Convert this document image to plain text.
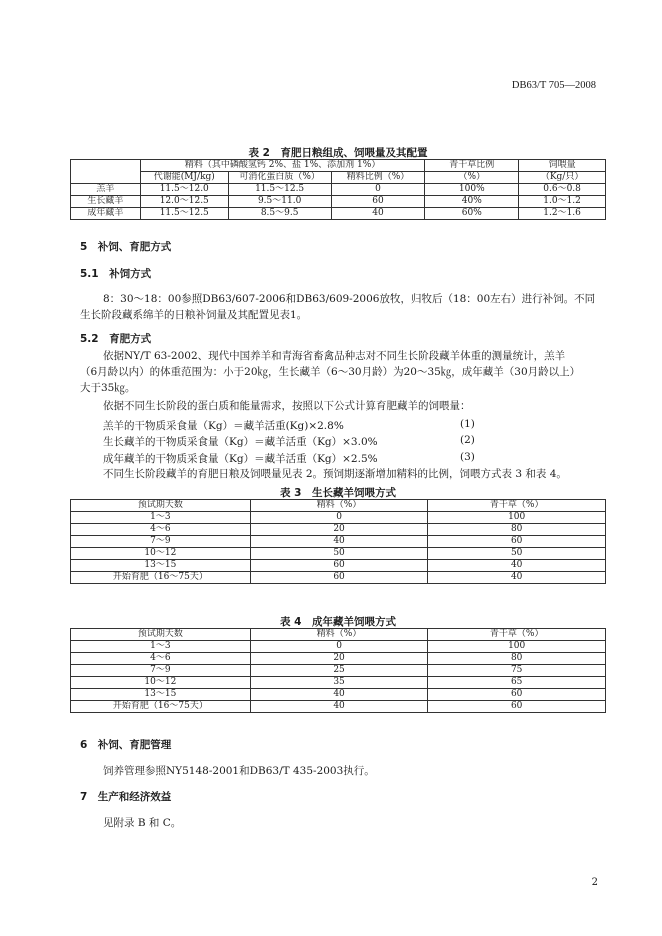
DB63/T 705—2008
表 2　育肥日粮组成、饲喂量及其配置
	精料（其中磷酸氢钙 2%、盐 1%、添加剂 1%）			青干草比例	饲喂量
	代谢能(MJ/kg)	可消化蛋白质（%）	精料比例（%）	（%）	（Kg/只）
羔羊	11.5～12.0	11.5～12.5	0	100%	0.6～0.8
生长藏羊	12.0～12.5	9.5～11.0	60	40%	1.0～1.2
成年藏羊	11.5～12.5	8.5～9.5	40	60%	1.2～1.6
5　补饲、育肥方式
5.1　补饲方式
8：30～18：00参照DB63/607-2006和DB63/609-2006放牧，归牧后（18：00左右）进行补饲。不同
生长阶段藏系绵羊的日粮补饲量及其配置见表1。
5.2　育肥方式
依据NY/T 63-2002、现代中国养羊和青海省畜禽品种志对不同生长阶段藏羊体重的测量统计，羔羊
（6月龄以内）的体重范围为：小于20㎏，生长藏羊（6～30月龄）为20～35㎏，成年藏羊（30月龄以上）
大于35㎏。
依据不同生长阶段的蛋白质和能量需求，按照以下公式计算育肥藏羊的饲喂量：
羔羊的干物质采食量（Kg）＝藏羊活重(Kg)×2.8%	(1)
生长藏羊的干物质采食量（Kg）＝藏羊活重（Kg）×3.0%	(2)
成年藏羊的干物质采食量（Kg）＝藏羊活重（Kg）×2.5%	(3)
不同生长阶段藏羊的育肥日粮及饲喂量见表 2。预饲期逐渐增加精料的比例，饲喂方式表 3 和表 4。
表 3　生长藏羊饲喂方式
预试期天数	精料（%）	青干草（%）
1～3	0	100
4～6	20	80
7～9	40	60
10～12	50	50
13～15	60	40
开始育肥（16～75天）	60	40
表 4　成年藏羊饲喂方式
预试期天数	精料（%）	青干草（%）
1～3	0	100
4～6	20	80
7～9	25	75
10～12	35	65
13～15	40	60
开始育肥（16～75天）	40	60
6　补饲、育肥管理
饲养管理参照NY5148-2001和DB63/T 435-2003执行。
7　生产和经济效益
见附录 B 和 C。
2
